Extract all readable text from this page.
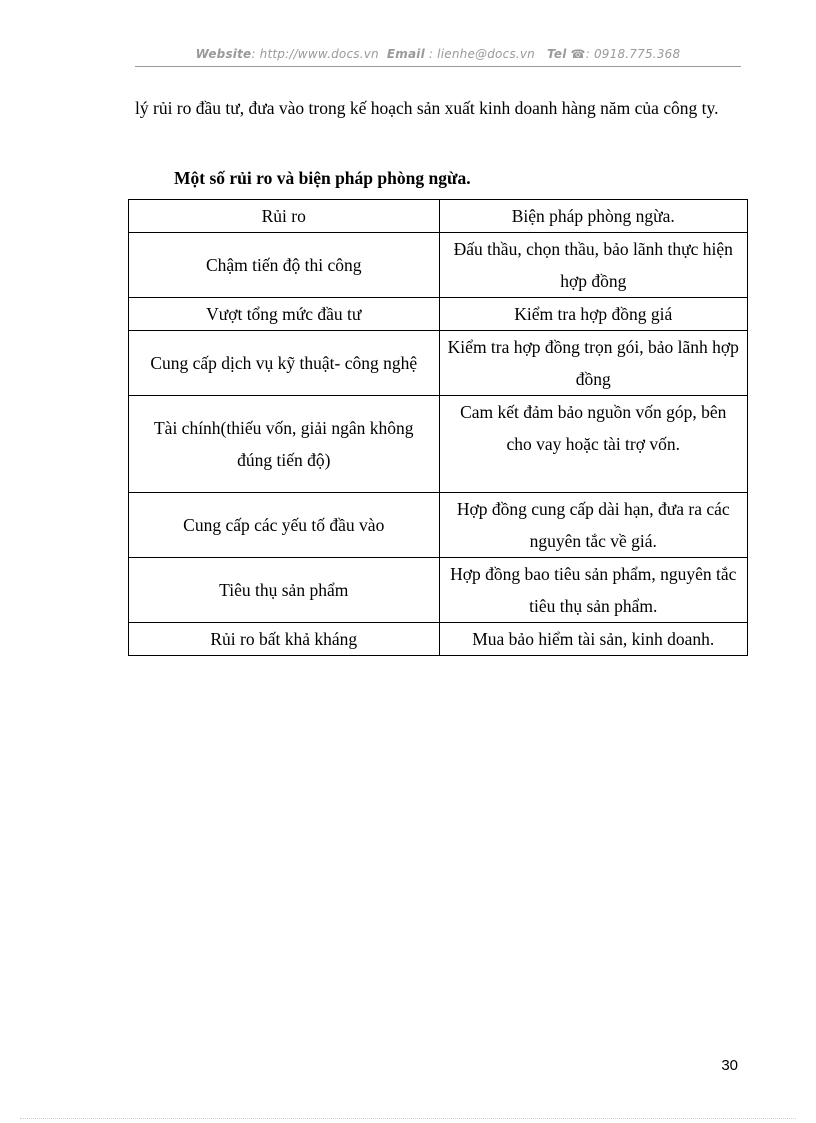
Website: http://www.docs.vn Email : lienhe@docs.vn Tel ☎: 0918.775.368
lý rủi ro đầu tư, đưa vào trong kế hoạch sản xuất kinh doanh hàng năm của công ty.
Một số rủi ro và biện pháp phòng ngừa.
Rủi ro	Biện pháp phòng ngừa.
Chậm tiến độ thi công	Đấu thầu, chọn thầu, bảo lãnh thực hiện hợp đồng
Vượt tổng mức đầu tư	Kiểm tra hợp đồng giá
Cung cấp dịch vụ kỹ thuật- công nghệ	Kiểm tra hợp đồng trọn gói, bảo lãnh hợp đồng
Tài chính(thiếu vốn, giải ngân không đúng tiến độ)	Cam kết đảm bảo nguồn vốn góp, bên cho vay hoặc tài trợ vốn.
Cung cấp các yếu tố đầu vào	Hợp đồng cung cấp dài hạn, đưa ra các nguyên tắc về giá.
Tiêu thụ sản phẩm	Hợp đồng bao tiêu sản phẩm, nguyên tắc tiêu thụ sản phẩm.
Rủi ro bất khả kháng	Mua bảo hiểm tài sản, kinh doanh.
30
